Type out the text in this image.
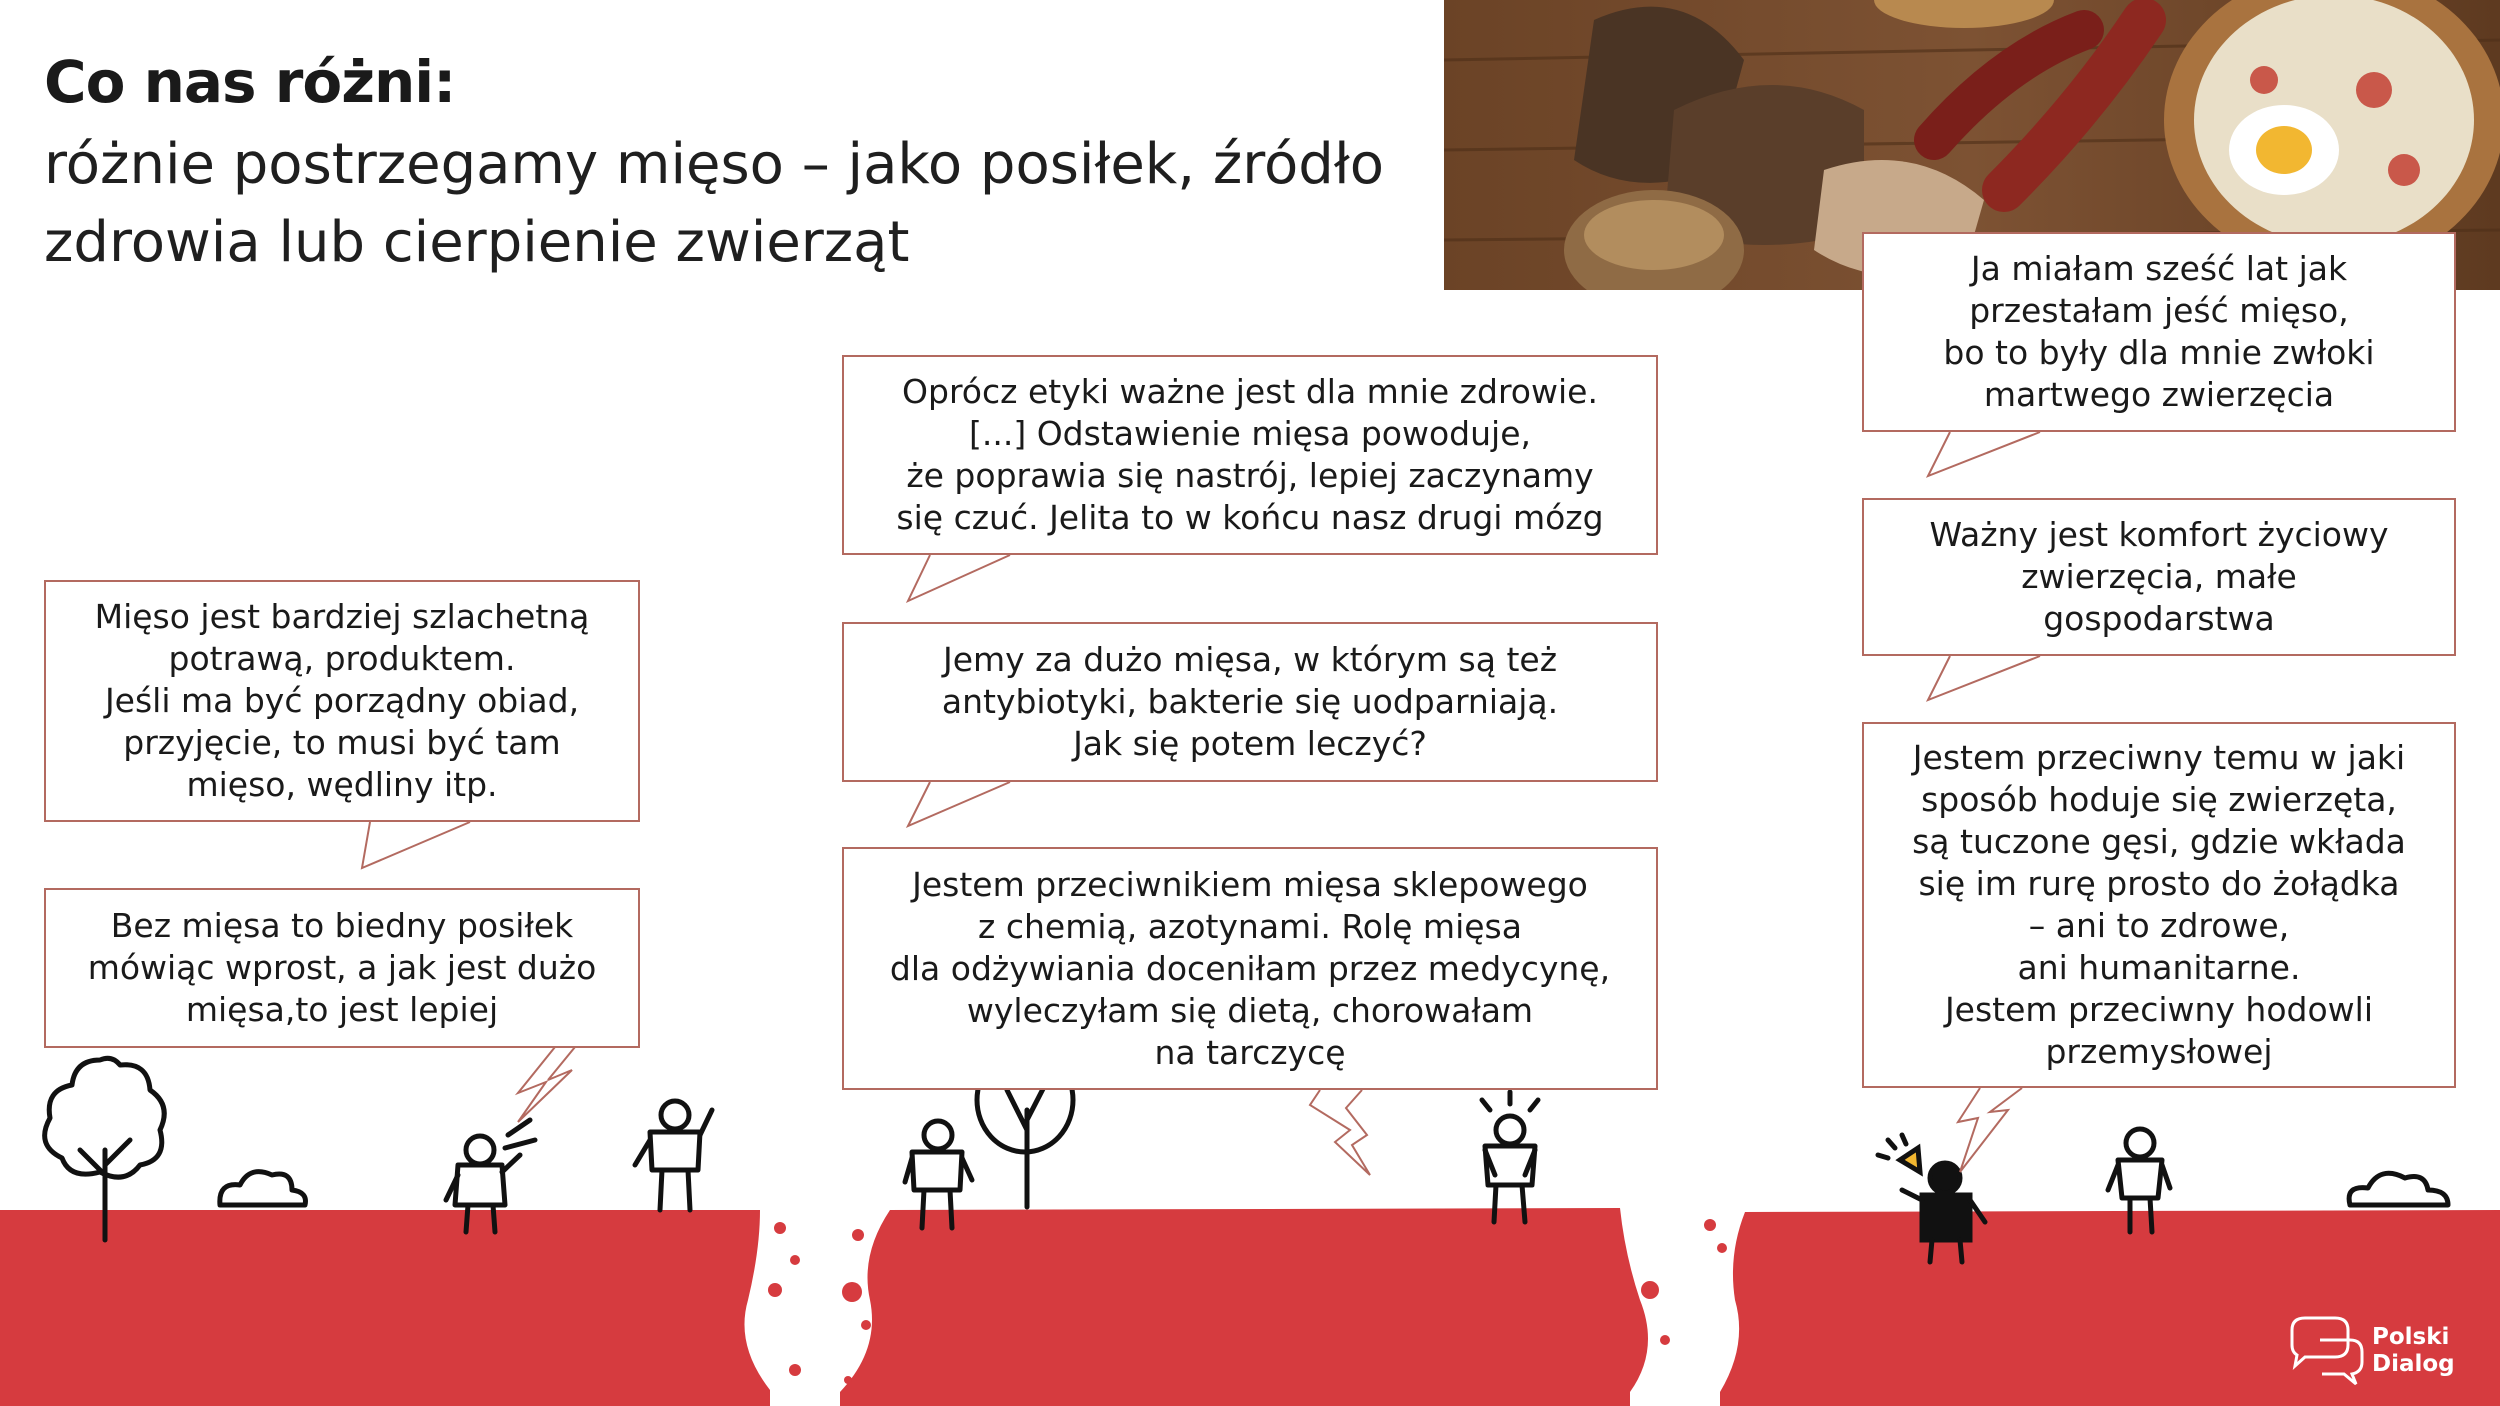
Co nas różni:
różnie postrzegamy mięso – jako posiłek, źródło zdrowia lub cierpienie zwierząt
Mięso jest bardziej szlachetną
potrawą, produktem.
Jeśli ma być porządny obiad,
przyjęcie, to musi być tam
mięso, wędliny itp.
Bez mięsa to biedny posiłek
mówiąc wprost, a jak jest dużo
mięsa,to jest lepiej
Oprócz etyki ważne jest dla mnie zdrowie.
[...] Odstawienie mięsa powoduje,
że poprawia się nastrój, lepiej zaczynamy
się czuć. Jelita to w końcu nasz drugi mózg
Jemy za dużo mięsa, w którym są też
antybiotyki, bakterie się uodparniają.
Jak się potem leczyć?
Jestem przeciwnikiem mięsa sklepowego
z chemią, azotynami. Rolę mięsa
dla odżywiania doceniłam przez medycynę,
wyleczyłam się dietą, chorowałam
na tarczycę
Ja miałam sześć lat jak
przestałam jeść mięso,
bo to były dla mnie zwłoki
martwego zwierzęcia
Ważny jest komfort życiowy
zwierzęcia, małe
gospodarstwa
Jestem przeciwny temu w jaki
sposób hoduje się zwierzęta,
są tuczone gęsi, gdzie wkłada
się im rurę prosto do żołądka
– ani to zdrowe,
ani humanitarne.
Jestem przeciwny hodowli
przemysłowej
Polski
Dialog
